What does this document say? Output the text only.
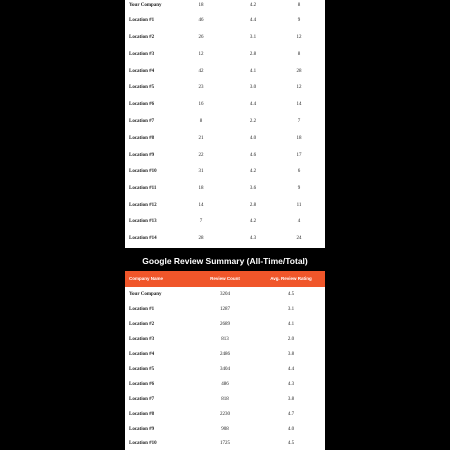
Your Company	18	4.2	8
Location #1	46	4.4	9
Location #2	26	3.1	12
Location #3	12	2.8	8
Location #4	42	4.1	28
Location #5	23	3.0	12
Location #6	16	4.4	14
Location #7	8	2.2	7
Location #8	21	4.0	18
Location #9	22	4.6	17
Location #10	31	4.2	6
Location #11	18	3.6	9
Location #12	14	2.8	11
Location #13	7	4.2	4
Location #14	28	4.3	24
Google Review Summary (All-Time/Total)
Company Name	Review Count	Avg. Review Rating
Your Company	3204	4.5
Location #1	1287	3.1
Location #2	2689	4.1
Location #3	813	2.0
Location #4	2486	3.8
Location #5	3404	4.4
Location #6	486	4.3
Location #7	818	3.8
Location #8	2230	4.7
Location #9	908	4.0
Location #10	1725	4.5
